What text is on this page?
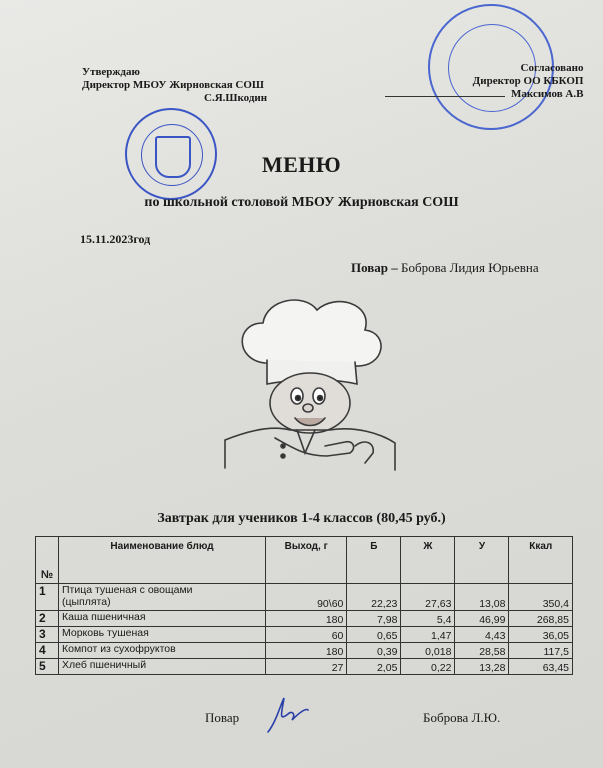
Утверждаю
Директор МБОУ Жирновская СОШ
С.Я.Шкодин
Согласовано
Директор ОО КБКОП
Максимов А.В
МЕНЮ
по школьной столовой МБОУ Жирновская СОШ
15.11.2023год
Повар – Боброва Лидия Юрьевна
Завтрак для учеников 1-4 классов (80,45 руб.)
№	Наименование блюд	Выход, г	Б	Ж	У	Ккал
1	Птица тушеная с овощами
(цыплята)	90\60	22,23	27,63	13,08	350,4
2	Каша пшеничная	180	7,98	5,4	46,99	268,85
3	Морковь тушеная	60	0,65	1,47	4,43	36,05
4	Компот из сухофруктов	180	0,39	0,018	28,58	117,5
5	Хлеб пшеничный	27	2,05	0,22	13,28	63,45
Повар	Боброва Л.Ю.
